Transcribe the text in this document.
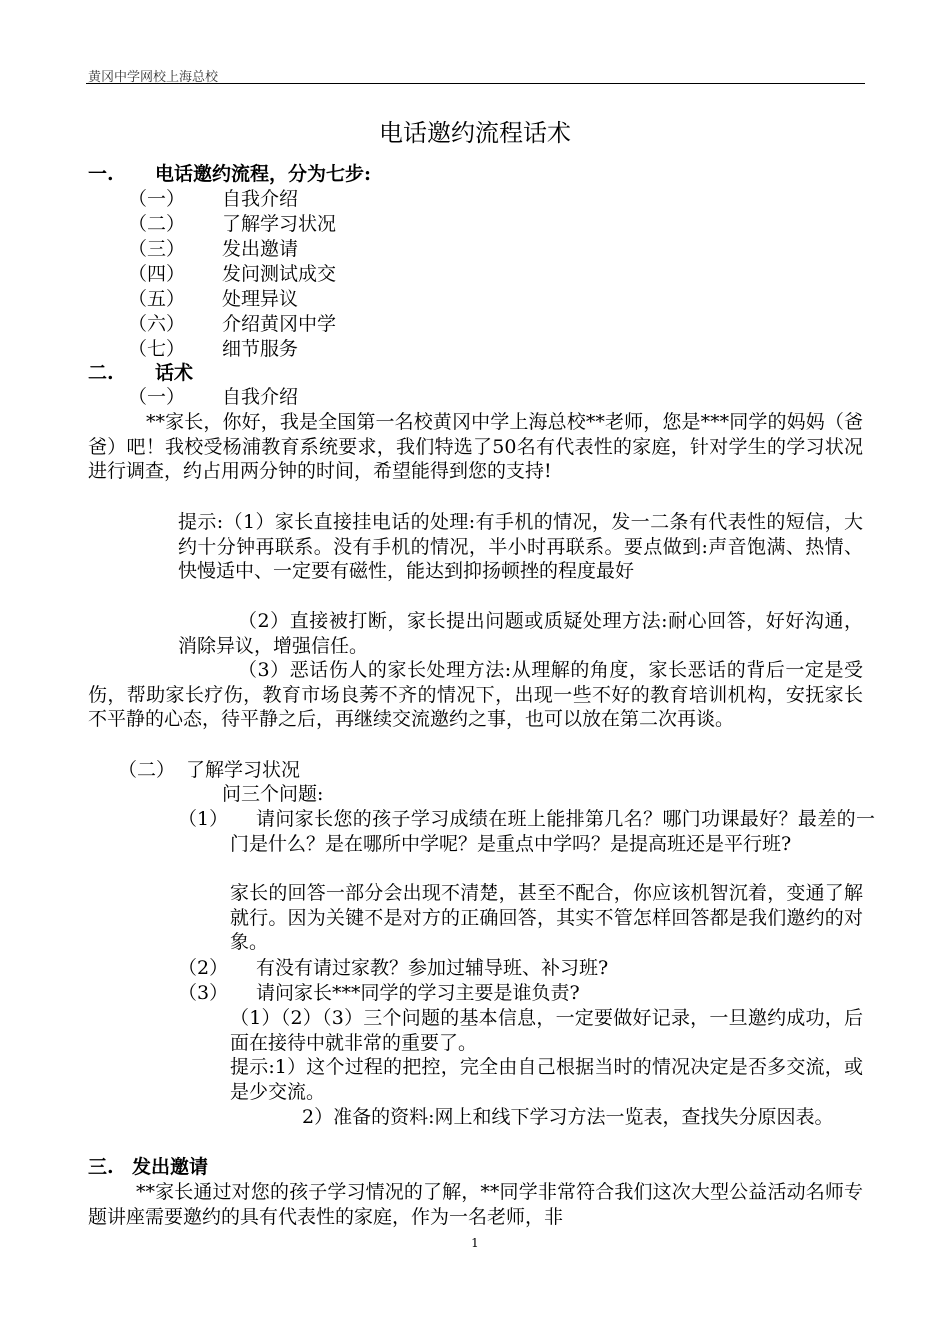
黄冈中学网校上海总校
电话邀约流程话术
一. 电话邀约流程，分为七步:
（一） 自我介绍
（二） 了解学习状况
（三） 发出邀请
（四） 发问测试成交
（五） 处理异议
（六） 介绍黄冈中学
（七） 细节服务
二. 话术
（一） 自我介绍
**家长，你好，我是全国第一名校黄冈中学上海总校**老师，您是***同学的妈妈（爸爸）吧！我校受杨浦教育系统要求，我们特选了50名有代表性的家庭，针对学生的学习状况进行调查，约占用两分钟的时间，希望能得到您的支持!
提示:（1）家长直接挂电话的处理:有手机的情况，发一二条有代表性的短信，大约十分钟再联系。没有手机的情况，半小时再联系。要点做到:声音饱满、热情、快慢适中、一定要有磁性，能达到抑扬顿挫的程度最好
（2）直接被打断，家长提出问题或质疑处理方法:耐心回答，好好沟通，消除异议，增强信任。
（3）恶话伤人的家长处理方法:从理解的角度，家长恶话的背后一定是受伤，帮助家长疗伤，教育市场良莠不齐的情况下，出现一些不好的教育培训机构，安抚家长不平静的心态，待平静之后，再继续交流邀约之事，也可以放在第二次再谈。
（二） 了解学习状况
问三个问题:
（1）	请问家长您的孩子学习成绩在班上能排第几名？哪门功课最好？最差的一门是什么？是在哪所中学呢？是重点中学吗？是提高班还是平行班?
家长的回答一部分会出现不清楚，甚至不配合，你应该机智沉着，变通了解就行。因为关键不是对方的正确回答，其实不管怎样回答都是我们邀约的对象。
（2） 有没有请过家教？参加过辅导班、补习班?
（3） 请问家长***同学的学习主要是谁负责?
（1）（2）（3）三个问题的基本信息，一定要做好记录，一旦邀约成功，后面在接待中就非常的重要了。
提示:1）这个过程的把控，完全由自己根据当时的情况决定是否多交流，或是少交流。
2）准备的资料:网上和线下学习方法一览表，查找失分原因表。
三. 发出邀请
**家长通过对您的孩子学习情况的了解，**同学非常符合我们这次大型公益活动名师专题讲座需要邀约的具有代表性的家庭，作为一名老师，非
1
